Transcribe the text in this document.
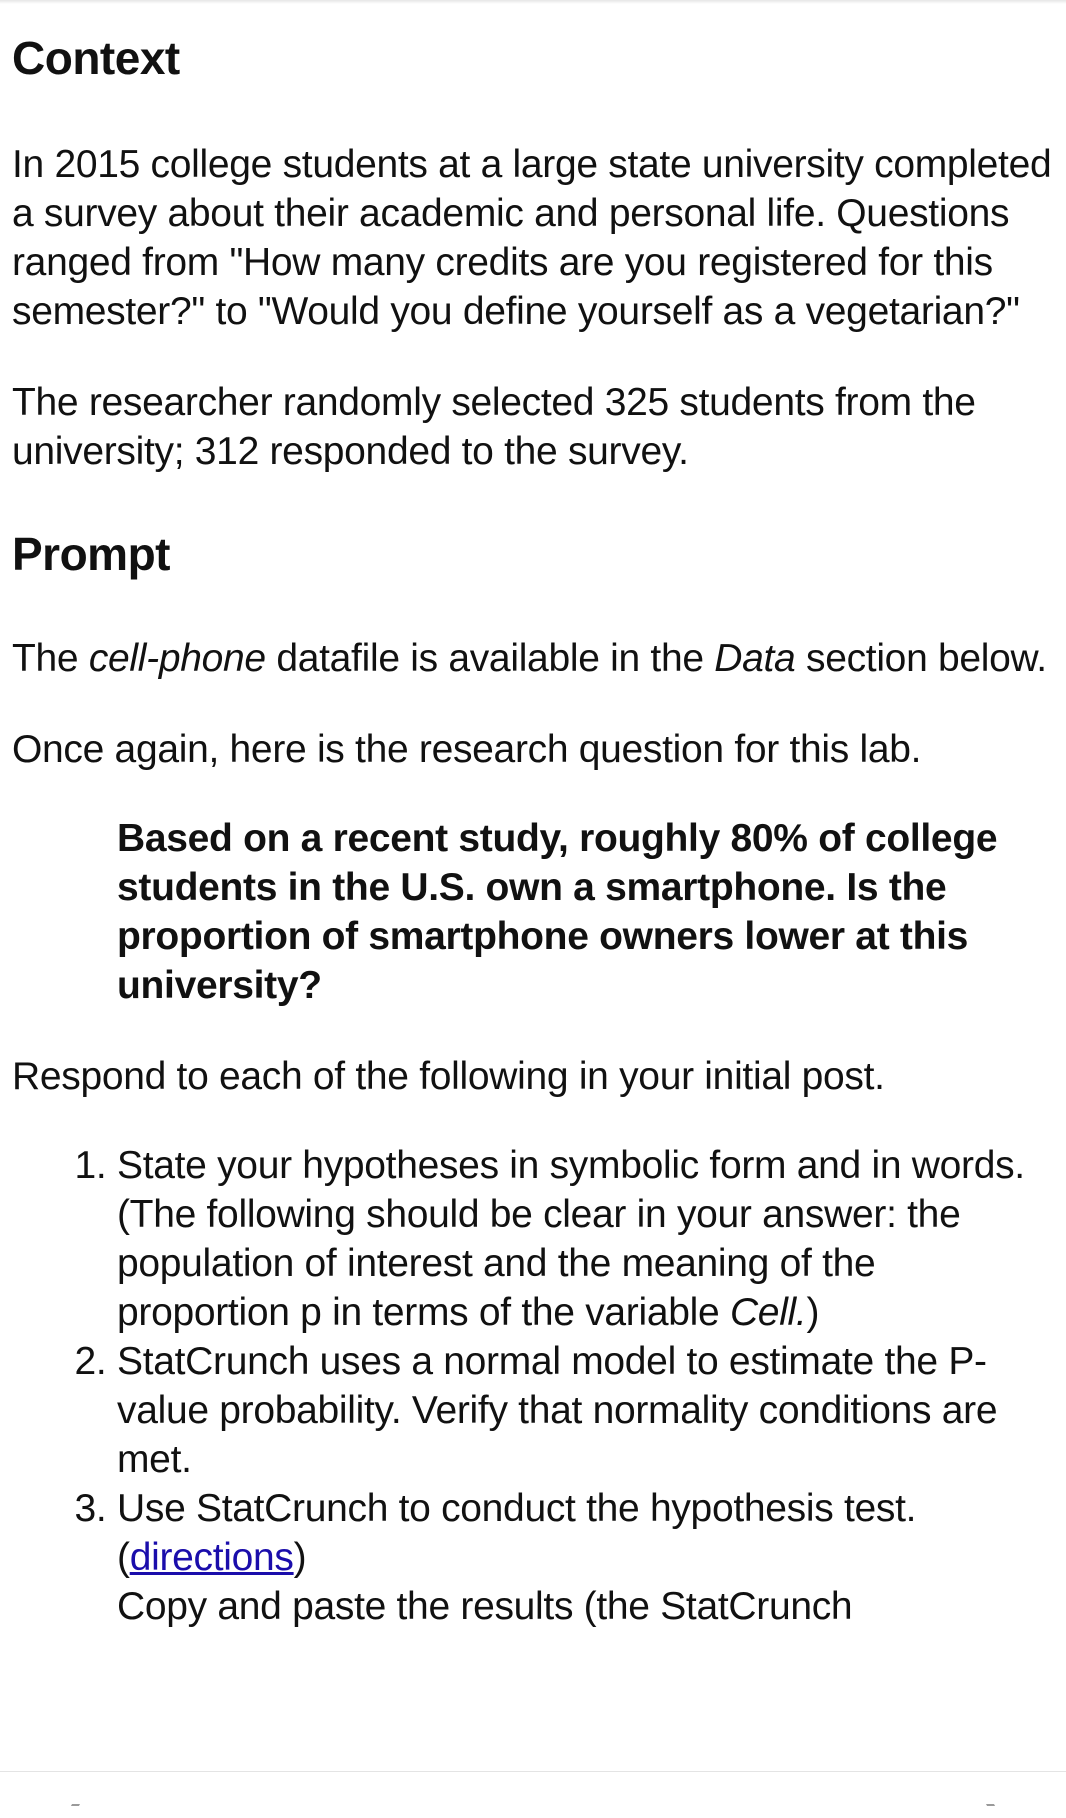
Context

In 2015 college students at a large state university completed a survey about their academic and personal life. Questions ranged from "How many credits are you registered for this semester?" to "Would you define yourself as a vegetarian?"

The researcher randomly selected 325 students from the university; 312 responded to the survey.

Prompt

The cell-phone datafile is available in the Data section below.

Once again, here is the research question for this lab.

Based on a recent study, roughly 80% of college students in the U.S. own a smartphone. Is the proportion of smartphone owners lower at this university?

Respond to each of the following in your initial post.

1. State your hypotheses in symbolic form and in words. (The following should be clear in your answer: the population of interest and the meaning of the proportion p in terms of the variable Cell.)
2. StatCrunch uses a normal model to estimate the P-value probability. Verify that normality conditions are met.
3. Use StatCrunch to conduct the hypothesis test.
(directions)
Copy and paste the results (the StatCrunch
